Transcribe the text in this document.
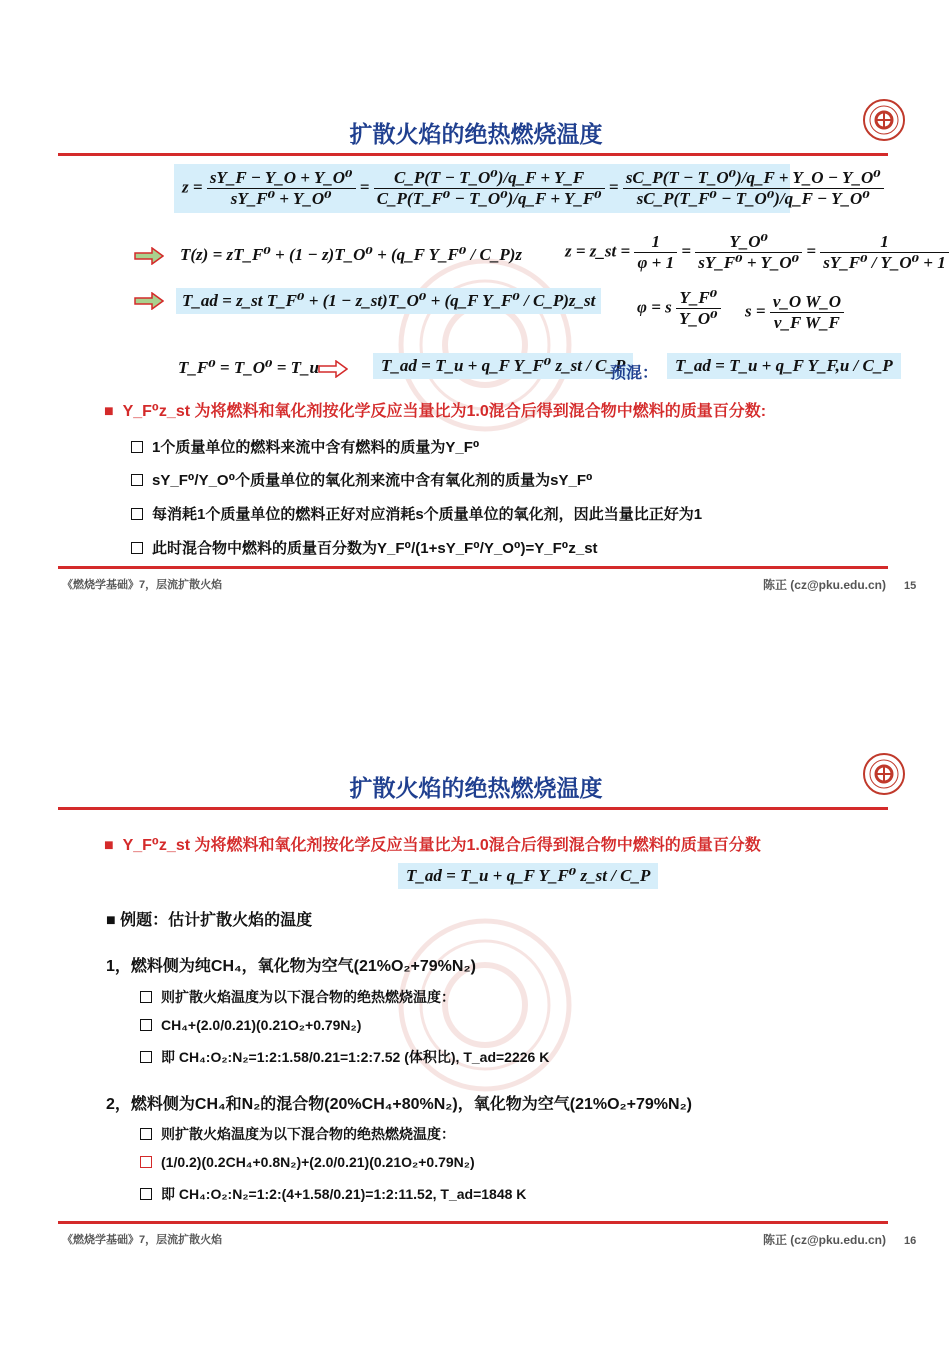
扩散火焰的绝热燃烧温度
$z = \frac{\text{sY\_F − Y\_O + Y\_O⁰}}{\text{sY\_F⁰ + Y\_O⁰}} = \frac{\text{C\_P(T − T\_O⁰)/q\_F + Y\_F}}{\text{C\_P(T\_F⁰ − T\_O⁰)/q\_F + Y\_F⁰}} = \frac{\text{sC\_P(T − T\_O⁰)/q\_F + Y\_O − Y\_O⁰}}{\text{sC\_P(T\_F⁰ − T\_O⁰)/q\_F − Y\_O⁰}}$
T(z) = zT_F⁰ + (1 − z)T_O⁰ + (q_F Y_F⁰ / C_P)z	z = z_st = $\frac{1}{\varphi + 1} = \frac{\text{Y\_O⁰}}{\text{sY\_F⁰ + Y\_O⁰}} = \frac{1}{\text{sY\_F⁰ / Y\_O⁰ + 1}}$
T_ad = z_st T_F⁰ + (1 − z_st)T_O⁰ + (q_F Y_F⁰ / C_P)z_st	φ = s $\frac{\text{Y\_F⁰}}{\text{Y\_O⁰}}$ $s = \frac{\text{ν\_O W\_O}}{\text{ν\_F W\_F}}$
T_F⁰ = T_O⁰ = T_u	T_ad = T_u + q_F Y_F⁰ z_st / C_P
预混： T_ad = T_u + q_F Y_F,u / C_P
■  Y_F⁰z_st 为将燃料和氧化剂按化学反应当量比为1.0混合后得到混合物中燃料的质量百分数:
1个质量单位的燃料来流中含有燃料的质量为Y_F⁰
sY_F⁰/Y_O⁰个质量单位的氧化剂来流中含有氧化剂的质量为sY_F⁰
每消耗1个质量单位的燃料正好对应消耗s个质量单位的氧化剂，因此当量比正好为1
此时混合物中燃料的质量百分数为Y_F⁰/(1+sY_F⁰/Y_O⁰)=Y_F⁰z_st
《燃烧学基础》7，层流扩散火焰	陈正 (cz@pku.edu.cn) 15
扩散火焰的绝热燃烧温度
■  Y_F⁰z_st 为将燃料和氧化剂按化学反应当量比为1.0混合后得到混合物中燃料的质量百分数
T_ad = T_u + q_F Y_F⁰ z_st / C_P
■ 例题：估计扩散火焰的温度
1，燃料侧为纯CH₄，氧化物为空气(21%O₂+79%N₂)
则扩散火焰温度为以下混合物的绝热燃烧温度：
CH₄+(2.0/0.21)(0.21O₂+0.79N₂)
即 CH₄:O₂:N₂=1:2:1.58/0.21=1:2:7.52 (体积比), T_ad=2226 K
2，燃料侧为CH₄和N₂的混合物(20%CH₄+80%N₂)，氧化物为空气(21%O₂+79%N₂)
则扩散火焰温度为以下混合物的绝热燃烧温度：
(1/0.2)(0.2CH₄+0.8N₂)+(2.0/0.21)(0.21O₂+0.79N₂)
即 CH₄:O₂:N₂=1:2:(4+1.58/0.21)=1:2:11.52, T_ad=1848 K
《燃烧学基础》7，层流扩散火焰	陈正 (cz@pku.edu.cn) 16
